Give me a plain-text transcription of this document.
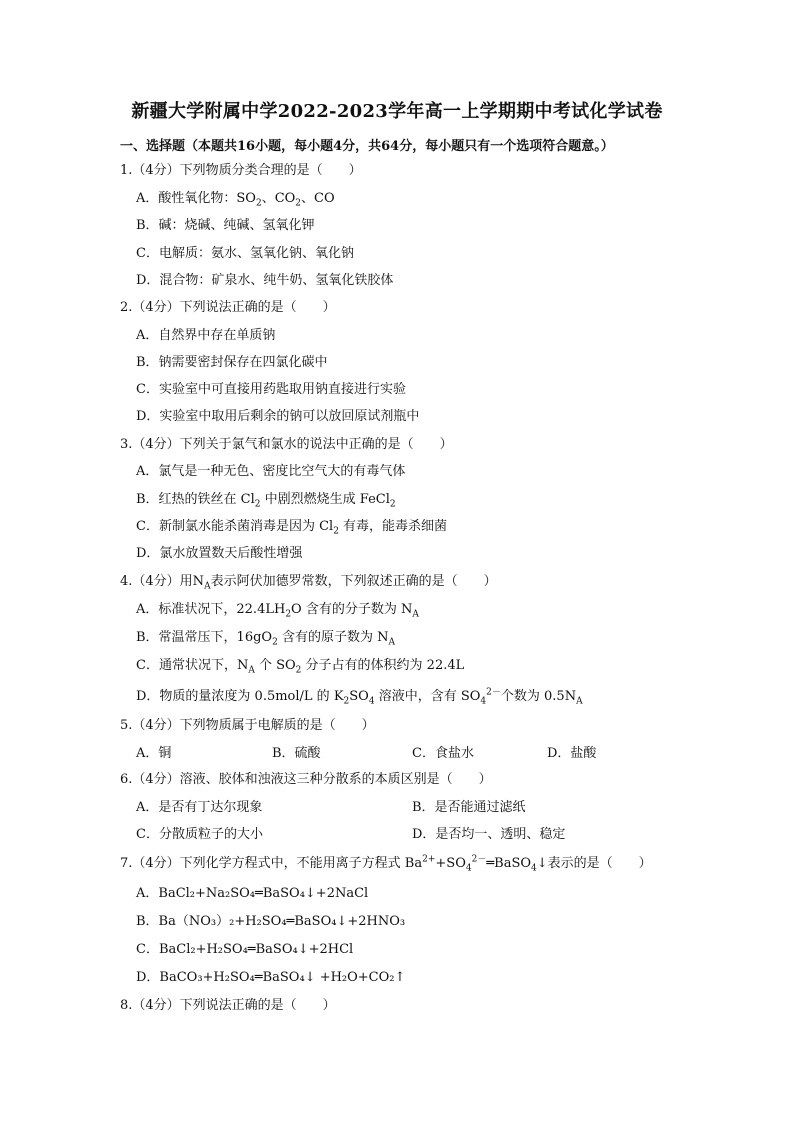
新疆大学附属中学2022-2023学年高一上学期期中考试化学试卷
一、选择题（本题共16小题，每小题4分，共64分，每小题只有一个选项符合题意。）
1.（4分）下列物质分类合理的是（　　）
A．酸性氧化物：$SO_2$、$CO_2$、CO
B．碱：烧碱、纯碱、氢氧化钾
C．电解质：氨水、氢氧化钠、氧化钠
D．混合物：矿泉水、纯牛奶、氢氧化铁胶体
2.（4分）下列说法正确的是（　　）
A．自然界中存在单质钠
B．钠需要密封保存在四氯化碳中
C．实验室中可直接用药匙取用钠直接进行实验
D．实验室中取用后剩余的钠可以放回原试剂瓶中
3.（4分）下列关于氯气和氯水的说法中正确的是（　　）
A．氯气是一种无色、密度比空气大的有毒气体
B．红热的铁丝在 $Cl_2$ 中剧烈燃烧生成 FeCl$_2$
C．新制氯水能杀菌消毒是因为 $Cl_2$ 有毒，能毒杀细菌
D．氯水放置数天后酸性增强
4.（4分）用$N_A$表示阿伏加德罗常数，下列叙述正确的是（　　）
A．标准状况下，$22.4LH_2O$ 含有的分子数为 $N_A$
B．常温常压下，$16gO_2$ 含有的原子数为 $N_A$
C．通常状况下，$N_A$ 个 $SO_2$ 分子占有的体积约为 22.4L
D．物质的量浓度为 0.5mol/L 的 $K_2SO_4$ 溶液中，含有 $SO_4^{2-}$个数为 $0.5N_A$
5.（4分）下列物质属于电解质的是（　　）
A．铜	B．硫酸	C．食盐水	D．盐酸
6.（4分）溶液、胶体和浊液这三种分散系的本质区别是（　　）
A．是否有丁达尔现象	B．是否能通过滤纸
C．分散质粒子的大小	D．是否均一、透明、稳定
7.（4分）下列化学方程式中，不能用离子方程式 $Ba^{2+}+SO_4^{2-}═BaSO_4↓$表示的是（　　）
A．BaCl₂+Na₂SO₄═BaSO₄↓+2NaCl
B．Ba（NO₃）₂+H₂SO₄═BaSO₄↓+2HNO₃
C．BaCl₂+H₂SO₄═BaSO₄↓+2HCl
D．BaCO₃+H₂SO₄═BaSO₄↓ +H₂O+CO₂↑
8.（4分）下列说法正确的是（　　）
